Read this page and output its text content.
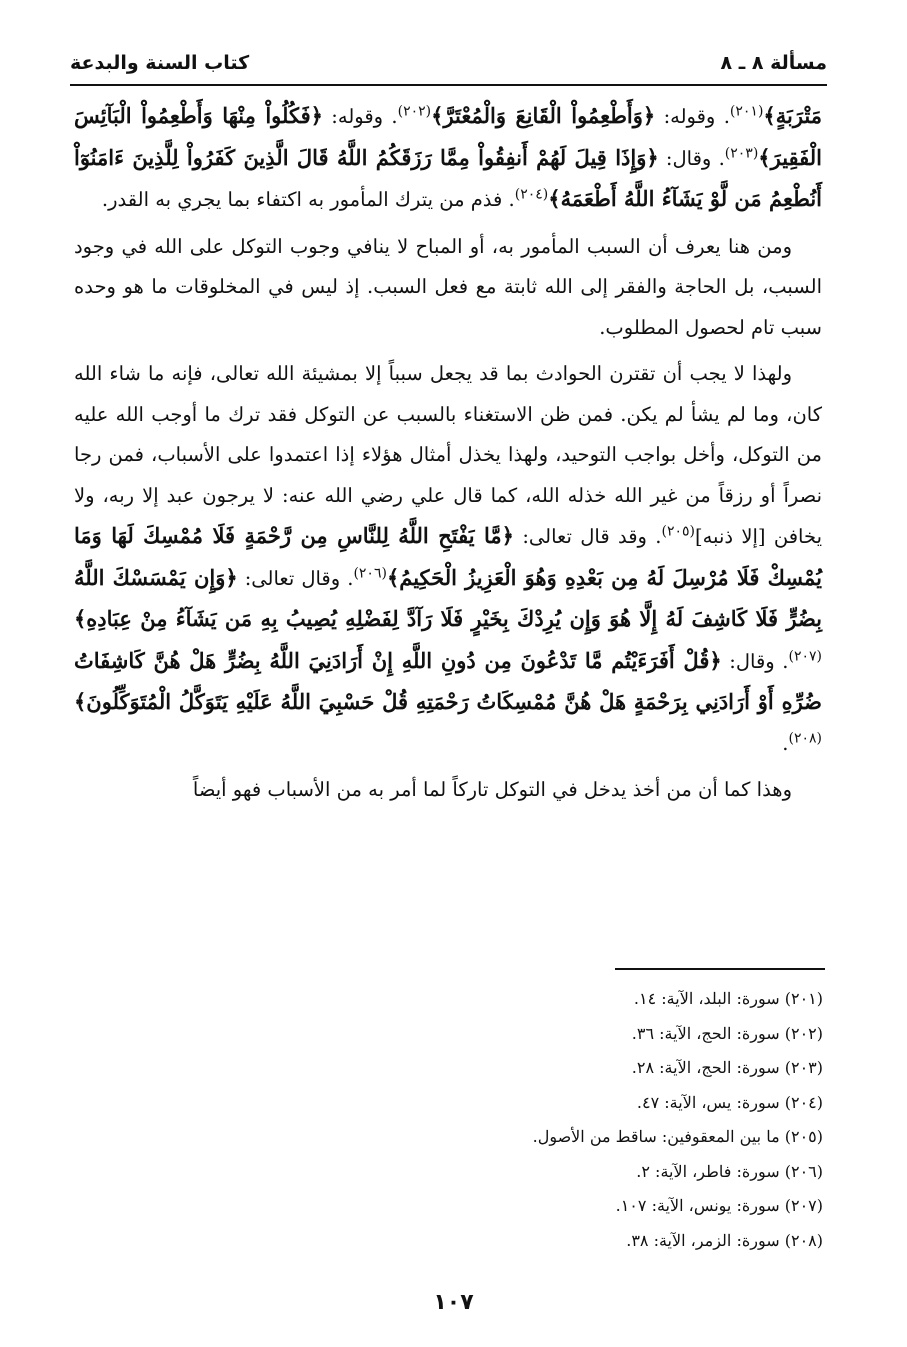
مسألة ٨ ـ ٨
كتاب السنة والبدعة

مَتْرَبَةٍ﴾$^{(٢٠١)}$. وقوله: ﴿وَأَطْعِمُواْ الْقَانِعَ وَالْمُعْتَرَّ﴾$^{(٢٠٢)}$. وقوله: ﴿فَكُلُواْ مِنْهَا وَأَطْعِمُواْ الْبَآئِسَ الْفَقِيرَ﴾$^{(٢٠٣)}$. وقال: ﴿وَإِذَا قِيلَ لَهُمْ أَنفِقُواْ مِمَّا رَزَقَكُمُ اللَّهُ قَالَ الَّذِينَ كَفَرُواْ لِلَّذِينَ ءَامَنُوٓاْ أَنُطْعِمُ مَن لَّوْ يَشَآءُ اللَّهُ أَطْعَمَهُ﴾$^{(٢٠٤)}$. فذم من يترك المأمور به اكتفاء بما يجري به القدر.

ومن هنا يعرف أن السبب المأمور به، أو المباح لا ينافي وجوب التوكل على الله في وجود السبب، بل الحاجة والفقر إلى الله ثابتة مع فعل السبب. إذ ليس في المخلوقات ما هو وحده سبب تام لحصول المطلوب.

ولهذا لا يجب أن تقترن الحوادث بما قد يجعل سبباً إلا بمشيئة الله تعالى، فإنه ما شاء الله كان، وما لم يشأ لم يكن. فمن ظن الاستغناء بالسبب عن التوكل فقد ترك ما أوجب الله عليه من التوكل، وأخل بواجب التوحيد، ولهذا يخذل أمثال هؤلاء إذا اعتمدوا على الأسباب، فمن رجا نصراً أو رزقاً من غير الله خذله الله، كما قال علي رضي الله عنه: لا يرجون عبد إلا ربه، ولا يخافن [إلا ذنبه]$^{(٢٠٥)}$. وقد قال تعالى: ﴿مَّا يَفْتَحِ اللَّهُ لِلنَّاسِ مِن رَّحْمَةٍ فَلَا مُمْسِكَ لَهَا وَمَا يُمْسِكْ فَلَا مُرْسِلَ لَهُ مِن بَعْدِهِ وَهُوَ الْعَزِيزُ الْحَكِيمُ﴾$^{(٢٠٦)}$. وقال تعالى: ﴿وَإِن يَمْسَسْكَ اللَّهُ بِضُرٍّ فَلَا كَاشِفَ لَهُ إِلَّا هُوَ وَإِن يُرِدْكَ بِخَيْرٍ فَلَا رَآدَّ لِفَضْلِهِ يُصِيبُ بِهِ مَن يَشَآءُ مِنْ عِبَادِهِ﴾$^{(٢٠٧)}$. وقال: ﴿قُلْ أَفَرَءَيْتُم مَّا تَدْعُونَ مِن دُونِ اللَّهِ إِنْ أَرَادَنِيَ اللَّهُ بِضُرٍّ هَلْ هُنَّ كَاشِفَاتُ ضُرِّهِ أَوْ أَرَادَنِي بِرَحْمَةٍ هَلْ هُنَّ مُمْسِكَاتُ رَحْمَتِهِ قُلْ حَسْبِيَ اللَّهُ عَلَيْهِ يَتَوَكَّلُ الْمُتَوَكِّلُونَ﴾$^{(٢٠٨)}$.

وهذا كما أن من أخذ يدخل في التوكل تاركاً لما أمر به من الأسباب فهو أيضاً

(٢٠١) سورة: البلد، الآية: ١٤.

(٢٠٢) سورة: الحج، الآية: ٣٦.

(٢٠٣) سورة: الحج، الآية: ٢٨.

(٢٠٤) سورة: يس، الآية: ٤٧.

(٢٠٥) ما بين المعقوفين: ساقط من الأصول.

(٢٠٦) سورة: فاطر، الآية: ٢.

(٢٠٧) سورة: يونس، الآية: ١٠٧.

(٢٠٨) سورة: الزمر، الآية: ٣٨.

١٠٧
